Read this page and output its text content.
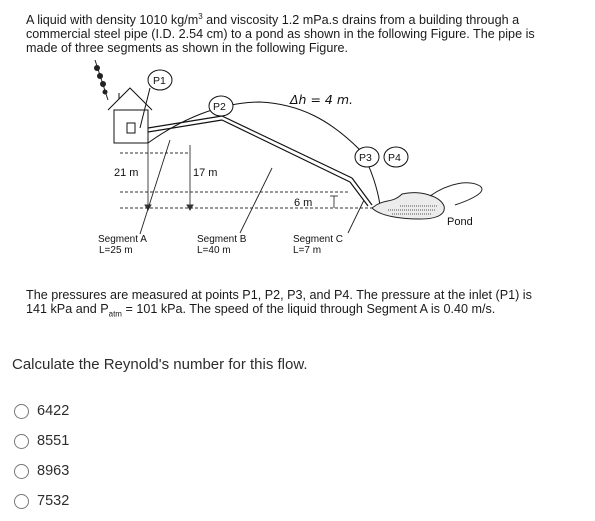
A liquid with density 1010 $kg/m^3$ and viscosity 1.2 mPa.s drains from a building through a commercial steel pipe (I.D. 2.54 cm) to a pond as shown in the following Figure. The pipe is made of three segments as shown in the following Figure.

P1
P2
P3 P4
21 m	17 m
6 m
Δh = 4 m.
Pond
Segment A
L=25 m
Segment B
L=40 m
Segment C
L=7 m

The pressures are measured at points P1, P2, P3, and P4. The pressure at the inlet (P1) is 141 kPa and $P_{atm} = 101$ kPa. The speed of the liquid through Segment A is 0.40 m/s.

Calculate the Reynold's number for this flow.

6422
8551
8963
7532
